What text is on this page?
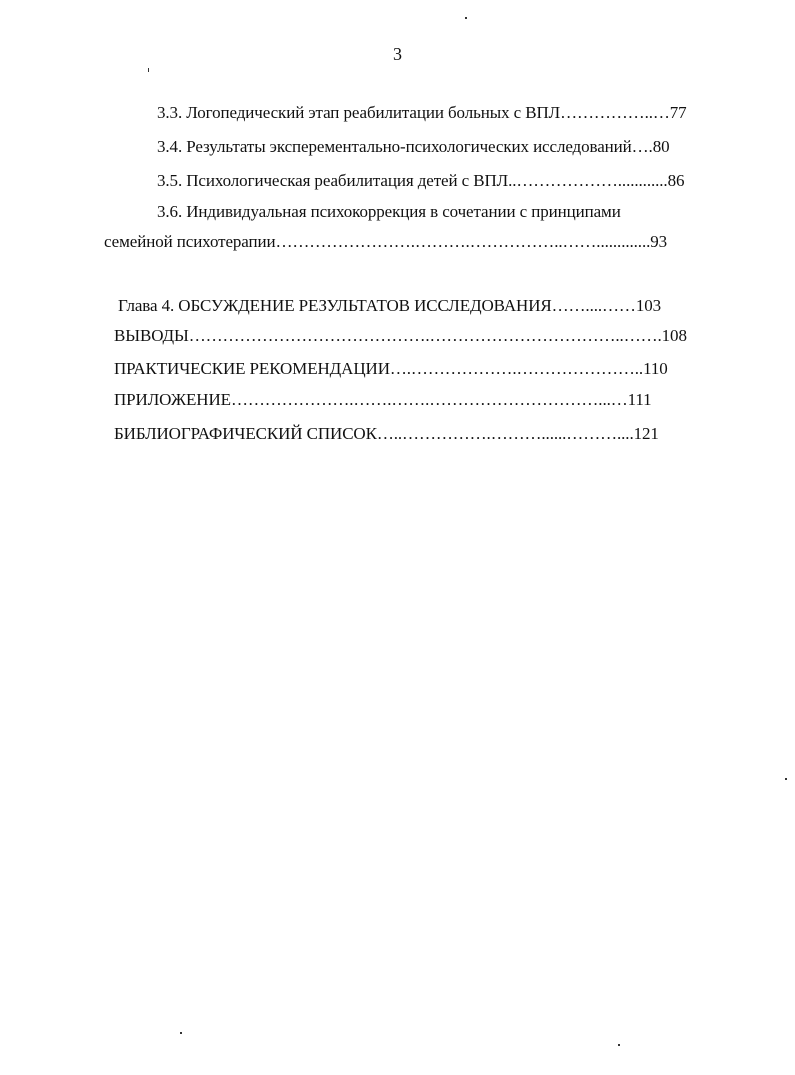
3
3.3. Логопедический этап реабилитации больных с ВПЛ……………..…77
3.4. Результаты эксперементально-психологических исследований….80
3.5. Психологическая реабилитация детей с ВПЛ..………………............86
3.6. Индивидуальная психокоррекция в сочетании с принципами
семейной психотерапии…………………….……….……………..…….............93
Глава 4. ОБСУЖДЕНИЕ РЕЗУЛЬТАТОВ ИССЛЕДОВАНИЯ……....……103
ВЫВОДЫ…………………………………….……………………………..…….108
ПРАКТИЧЕСКИЕ РЕКОМЕНДАЦИИ….……………….…………………..110
ПРИЛОЖЕНИЕ………………….…….…….…………………………...…111
БИБЛИОГРАФИЧЕСКИЙ СПИСОК…..…………….………......………....121
